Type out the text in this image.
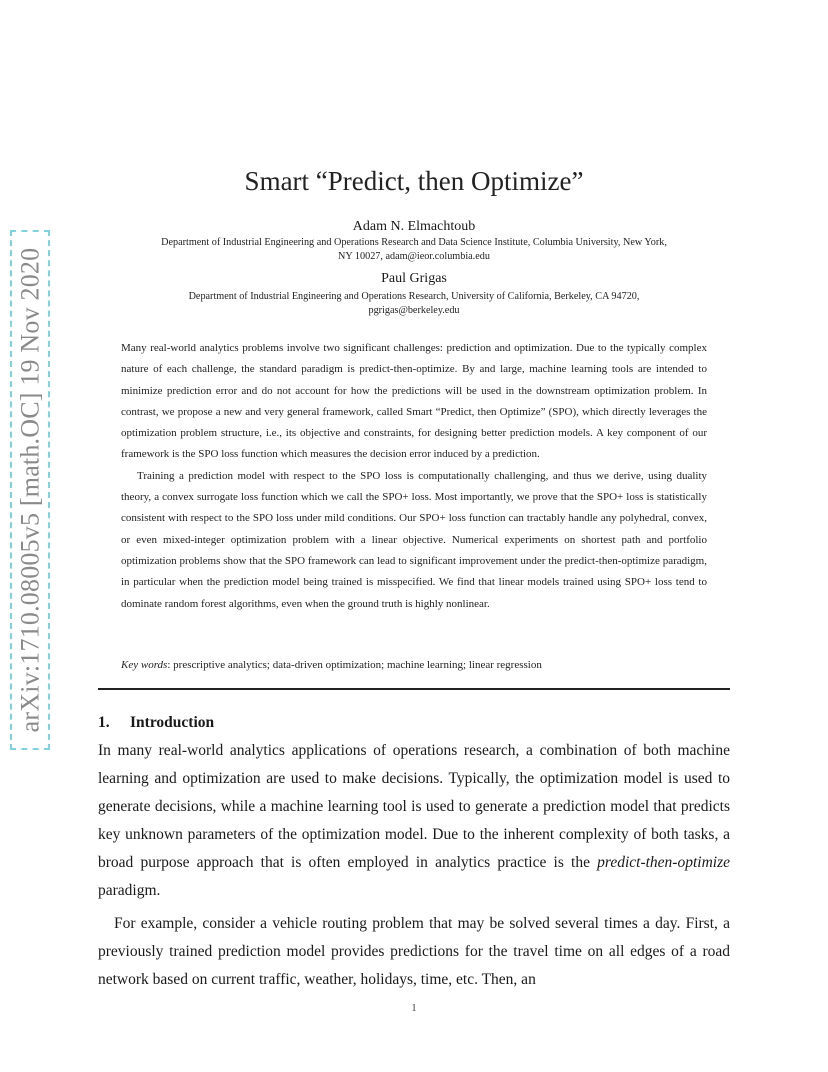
arXiv:1710.08005v5 [math.OC] 19 Nov 2020
Smart “Predict, then Optimize”
Adam N. Elmachtoub
Department of Industrial Engineering and Operations Research and Data Science Institute, Columbia University, New York,
NY 10027, adam@ieor.columbia.edu
Paul Grigas
Department of Industrial Engineering and Operations Research, University of California, Berkeley, CA 94720,
pgrigas@berkeley.edu

Many real-world analytics problems involve two significant challenges: prediction and optimization. Due to the typically complex nature of each challenge, the standard paradigm is predict-then-optimize. By and large, machine learning tools are intended to minimize prediction error and do not account for how the predictions will be used in the downstream optimization problem. In contrast, we propose a new and very general framework, called Smart “Predict, then Optimize” (SPO), which directly leverages the optimization problem structure, i.e., its objective and constraints, for designing better prediction models. A key component of our framework is the SPO loss function which measures the decision error induced by a prediction.

Training a prediction model with respect to the SPO loss is computationally challenging, and thus we derive, using duality theory, a convex surrogate loss function which we call the SPO+ loss. Most importantly, we prove that the SPO+ loss is statistically consistent with respect to the SPO loss under mild conditions. Our SPO+ loss function can tractably handle any polyhedral, convex, or even mixed-integer optimization problem with a linear objective. Numerical experiments on shortest path and portfolio optimization problems show that the SPO framework can lead to significant improvement under the predict-then-optimize paradigm, in particular when the prediction model being trained is misspecified. We find that linear models trained using SPO+ loss tend to dominate random forest algorithms, even when the ground truth is highly nonlinear.

Key words: prescriptive analytics; data-driven optimization; machine learning; linear regression
1. Introduction

In many real-world analytics applications of operations research, a combination of both machine learning and optimization are used to make decisions. Typically, the optimization model is used to generate decisions, while a machine learning tool is used to generate a prediction model that predicts key unknown parameters of the optimization model. Due to the inherent complexity of both tasks, a broad purpose approach that is often employed in analytics practice is the predict-then-optimize paradigm.

For example, consider a vehicle routing problem that may be solved several times a day. First, a previously trained prediction model provides predictions for the travel time on all edges of a road network based on current traffic, weather, holidays, time, etc. Then, an

1
